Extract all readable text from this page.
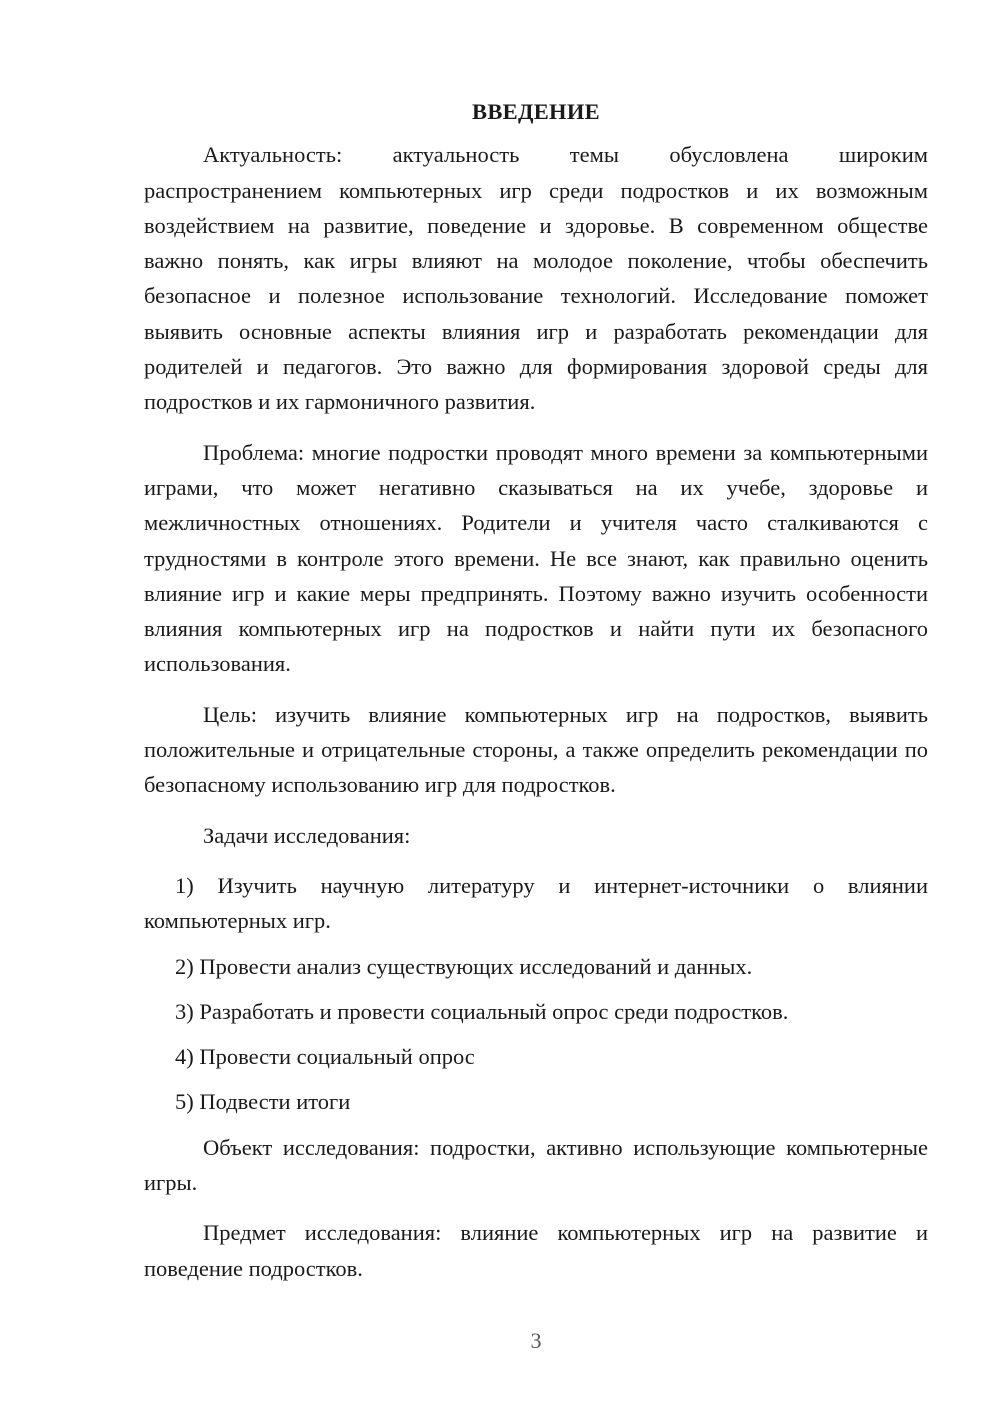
ВВЕДЕНИЕ

Актуальность: актуальность темы обусловлена широким распространением компьютерных игр среди подростков и их возможным воздействием на развитие, поведение и здоровье. В современном обществе важно понять, как игры влияют на молодое поколение, чтобы обеспечить безопасное и полезное использование технологий. Исследование поможет выявить основные аспекты влияния игр и разработать рекомендации для родителей и педагогов. Это важно для формирования здоровой среды для подростков и их гармоничного развития.

Проблема: многие подростки проводят много времени за компьютерными играми, что может негативно сказываться на их учебе, здоровье и межличностных отношениях. Родители и учителя часто сталкиваются с трудностями в контроле этого времени. Не все знают, как правильно оценить влияние игр и какие меры предпринять. Поэтому важно изучить особенности влияния компьютерных игр на подростков и найти пути их безопасного использования.

Цель: изучить влияние компьютерных игр на подростков, выявить положительные и отрицательные стороны, а также определить рекомендации по безопасному использованию игр для подростков.

Задачи исследования:

1) Изучить научную литературу и интернет-источники о влиянии компьютерных игр.

2) Провести анализ существующих исследований и данных.

3) Разработать и провести социальный опрос среди подростков.

4) Провести социальный опрос

5) Подвести итоги

Объект исследования: подростки, активно использующие компьютерные игры.

Предмет исследования: влияние компьютерных игр на развитие и поведение подростков.

3
